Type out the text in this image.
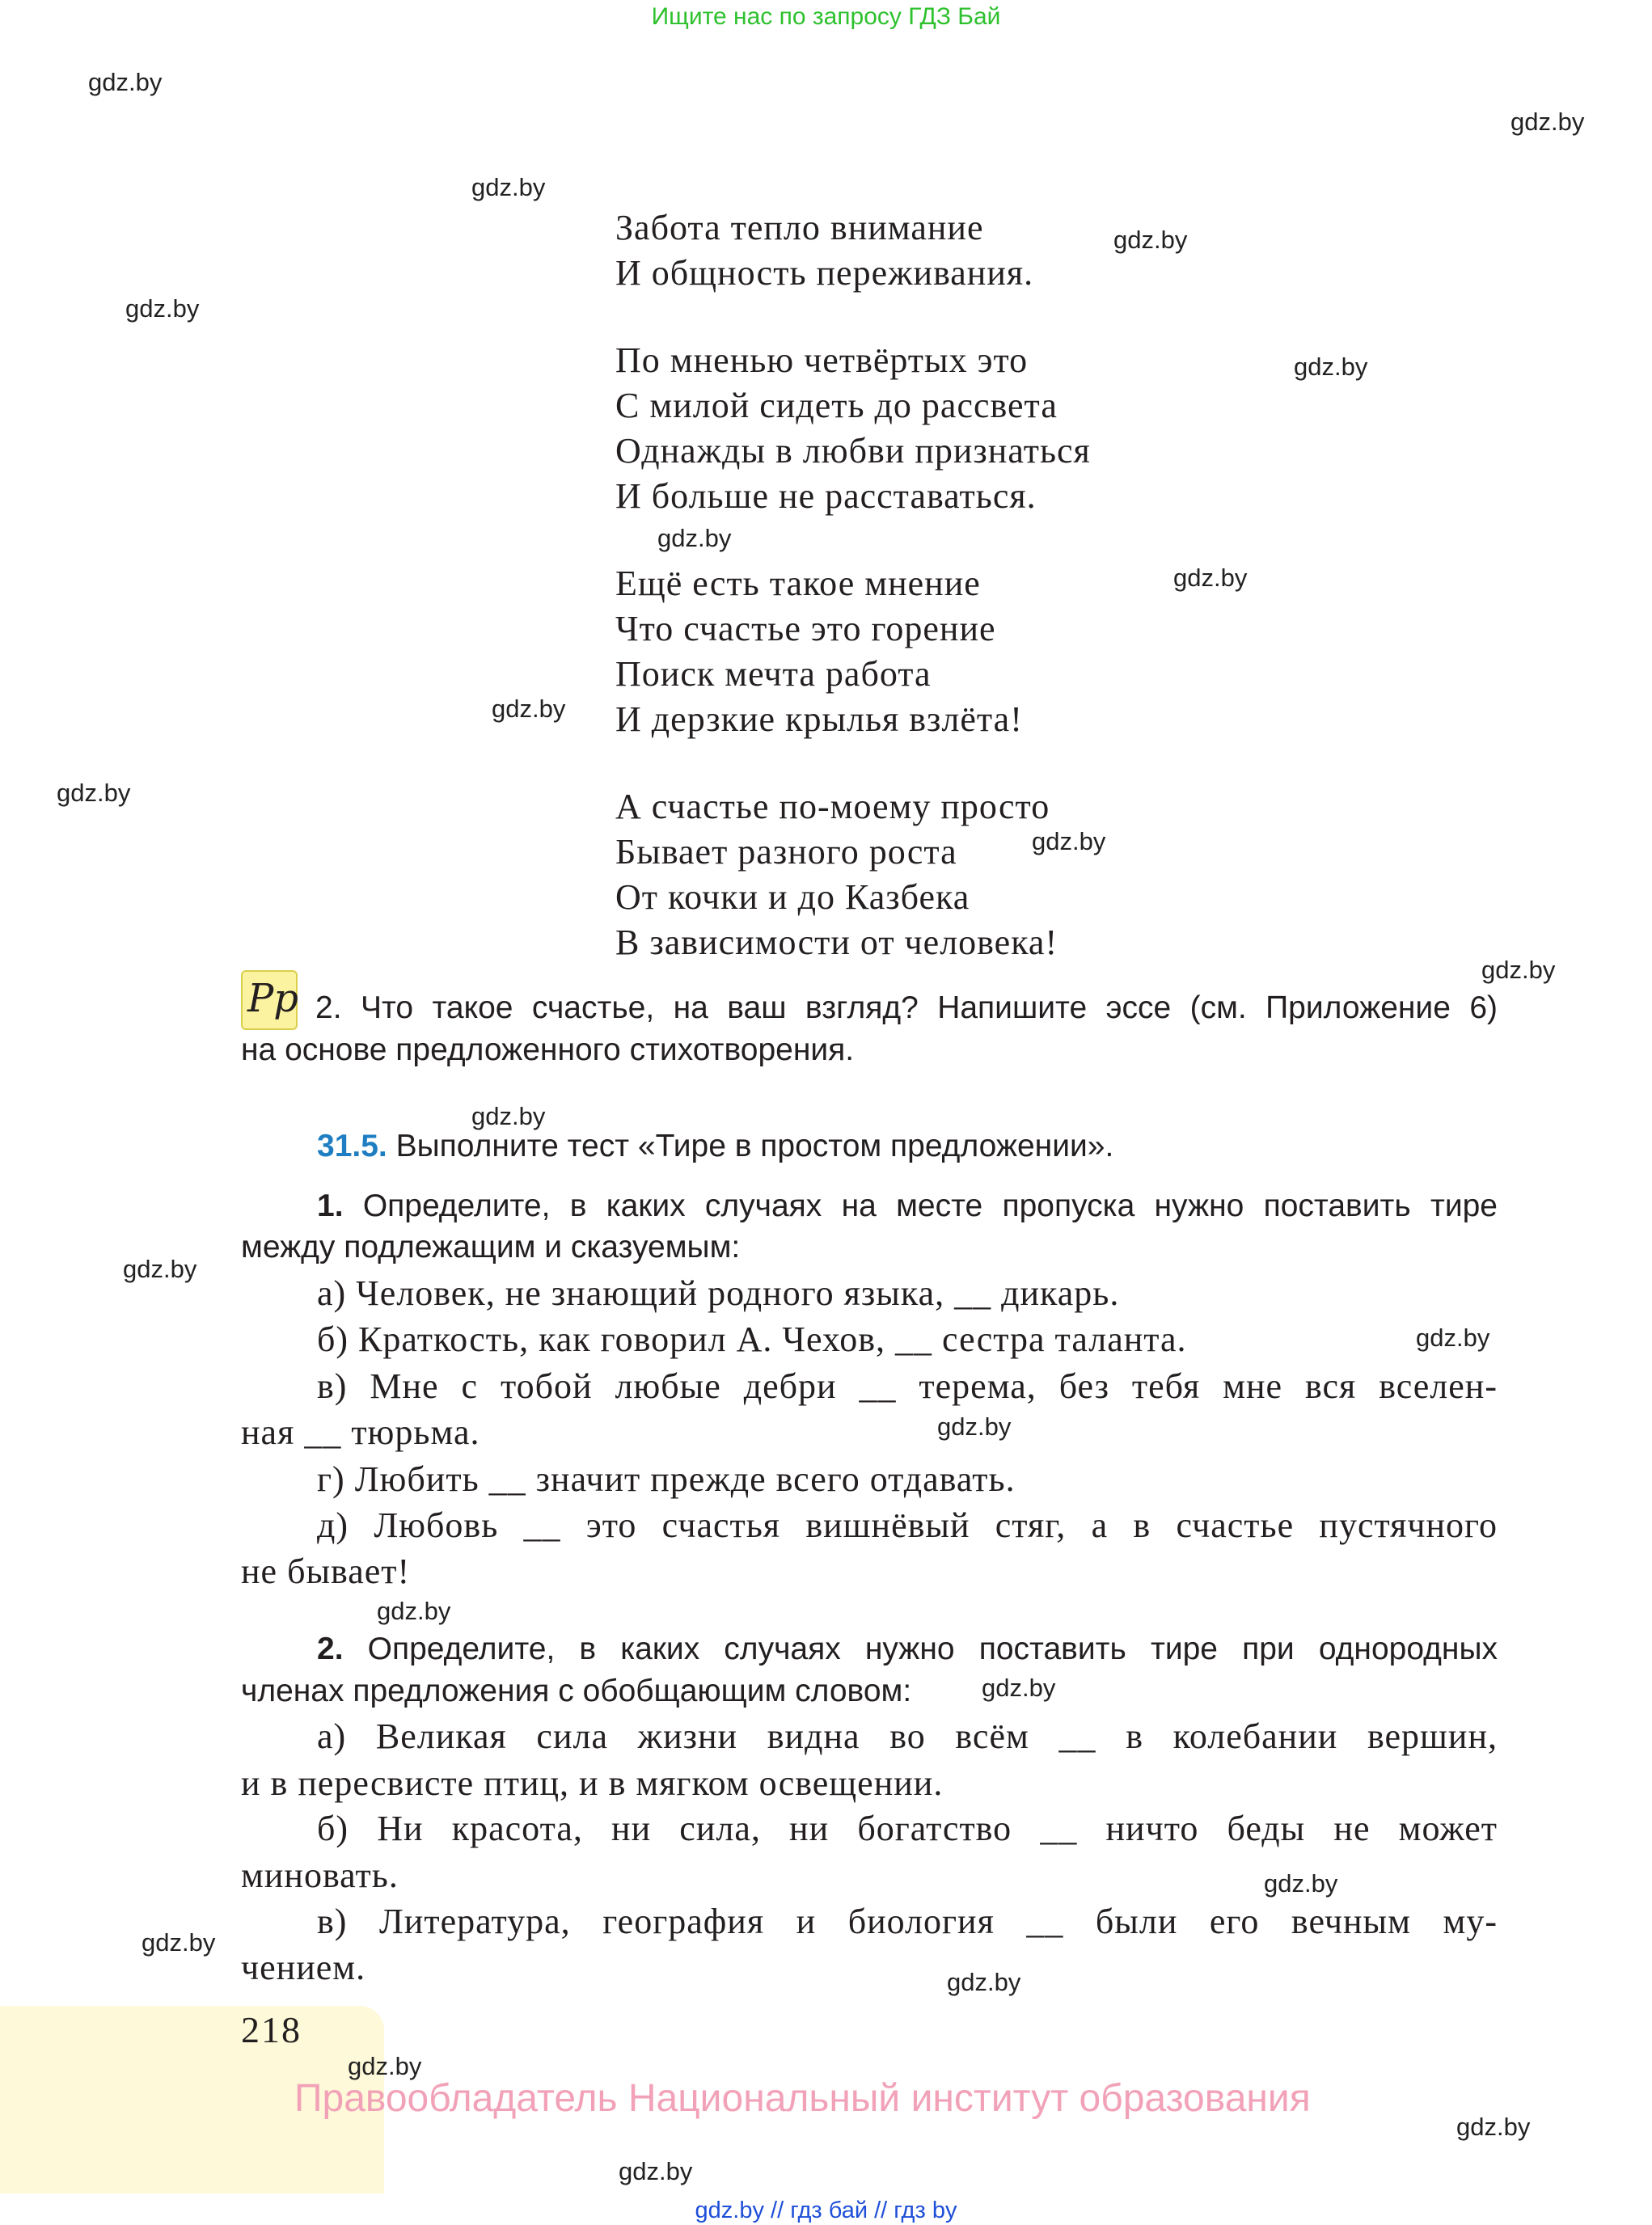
Ищите нас по запросу ГДЗ Бай
gdz.by
gdz.by
gdz.by
gdz.by
gdz.by
gdz.by
gdz.by
gdz.by
gdz.by
gdz.by
gdz.by
gdz.by
gdz.by
gdz.by
gdz.by
gdz.by
gdz.by
gdz.by
gdz.by
gdz.by
gdz.by
Забота тепло внимание
И общность переживания.
По мненью четвёртых это
С милой сидеть до рассвета
Однажды в любви признаться
И больше не расставаться.
Ещё есть такое мнение
Что счастье это горение
Поиск мечта работа
И дерзкие крылья взлёта!
А счастье по-моему просто
Бывает разного роста
От кочки и до Казбека
В зависимости от человека!
Pp 2. Что такое счастье, на ваш взгляд? Напишите эссе (см. Приложение 6)
на основе предложенного стихотворения.
31.5. Выполните тест «Тире в простом предложении».
1. Определите, в каких случаях на месте пропуска нужно поставить тире
между подлежащим и сказуемым:
а) Человек, не знающий родного языка, __ дикарь.
б) Краткость, как говорил А. Чехов, __ сестра таланта.
в) Мне с тобой любые дебри __ терема, без тебя мне вся вселен-
ная __ тюрьма.
г) Любить __ значит прежде всего отдавать.
д) Любовь __ это счастья вишнёвый стяг, а в счастье пустячного
не бывает!
2. Определите, в каких случаях нужно поставить тире при однородных
членах предложения с обобщающим словом:
а) Великая сила жизни видна во всём __ в колебании вершин,
и в пересвисте птиц, и в мягком освещении.
б) Ни красота, ни сила, ни богатство __ ничто беды не может
миновать.
в) Литература, география и биология __ были его вечным му-
чением.
218
Правообладатель Национальный институт образования
gdz.by
gdz.by
gdz.by
gdz.by // гдз бай // гдз by
